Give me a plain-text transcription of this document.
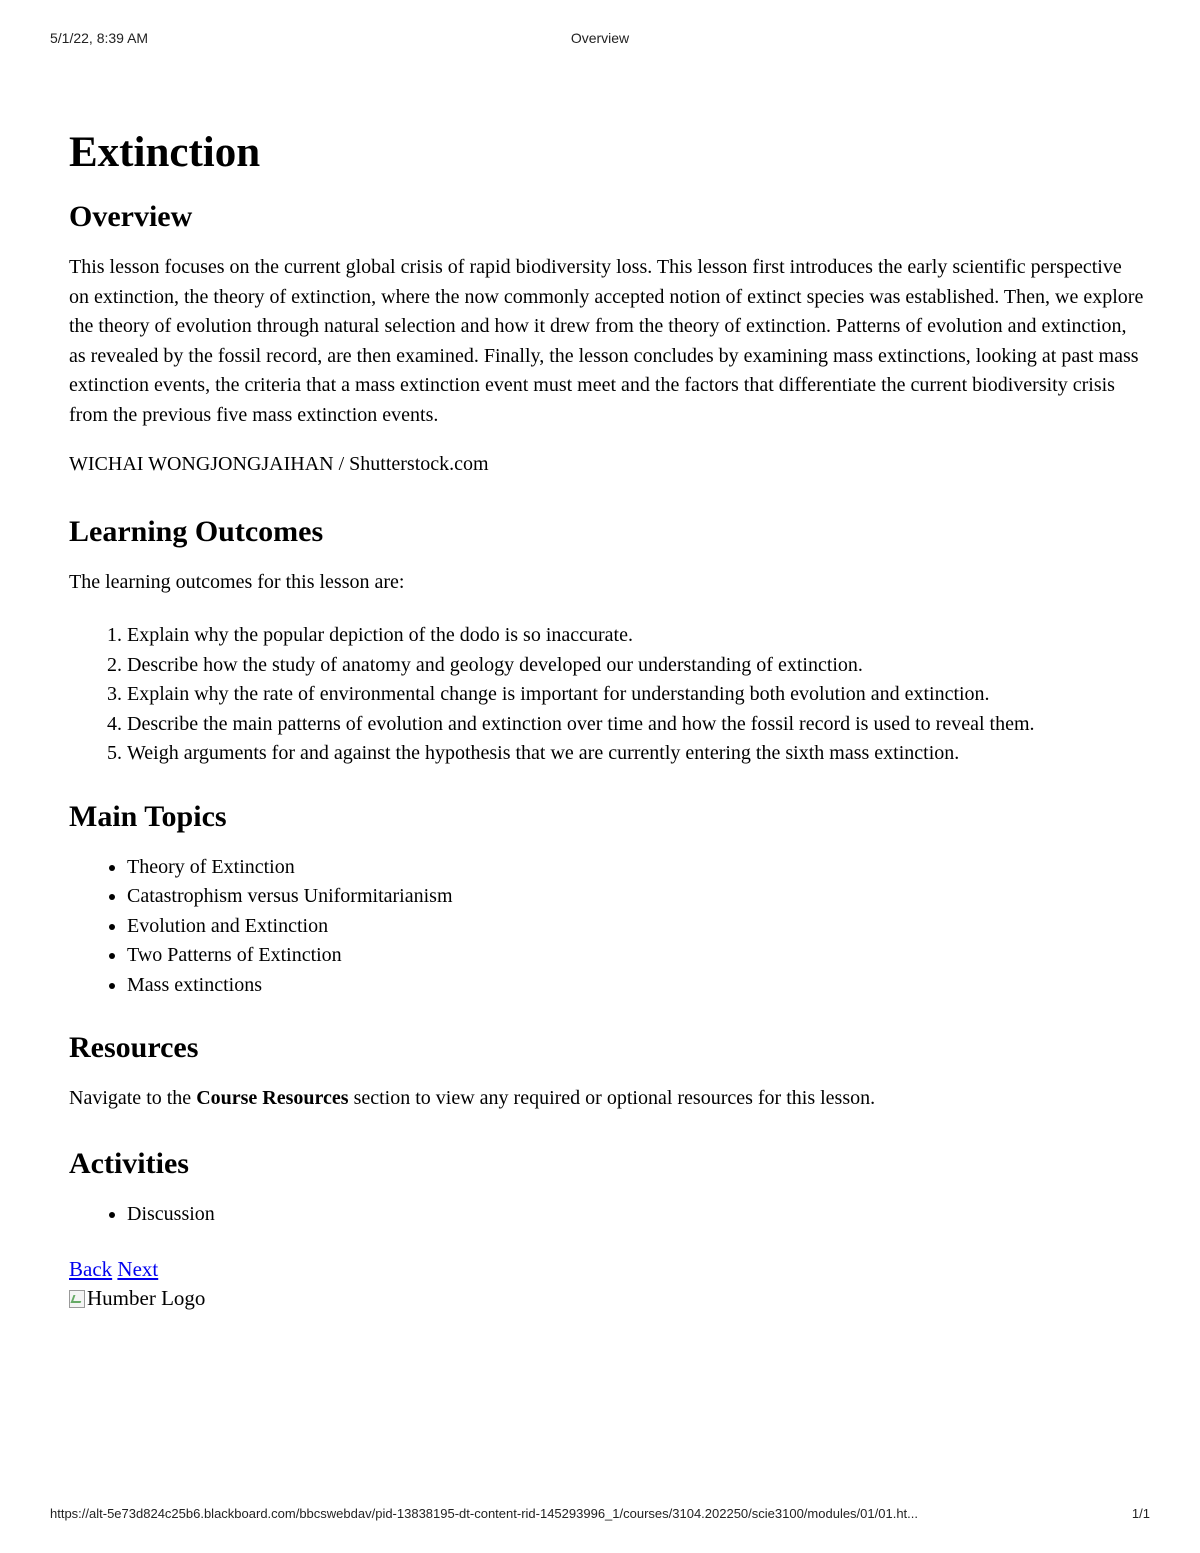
5/1/22, 8:39 AM	Overview
Extinction
Overview

This lesson focuses on the current global crisis of rapid biodiversity loss. This lesson first introduces the early scientific perspective on extinction, the theory of extinction, where the now commonly accepted notion of extinct species was established. Then, we explore the theory of evolution through natural selection and how it drew from the theory of extinction. Patterns of evolution and extinction, as revealed by the fossil record, are then examined. Finally, the lesson concludes by examining mass extinctions, looking at past mass extinction events, the criteria that a mass extinction event must meet and the factors that differentiate the current biodiversity crisis from the previous five mass extinction events.

WICHAI WONGJONGJAIHAN / Shutterstock.com

Learning Outcomes

The learning outcomes for this lesson are:

1. Explain why the popular depiction of the dodo is so inaccurate.
2. Describe how the study of anatomy and geology developed our understanding of extinction.
3. Explain why the rate of environmental change is important for understanding both evolution and extinction.
4. Describe the main patterns of evolution and extinction over time and how the fossil record is used to reveal them.
5. Weigh arguments for and against the hypothesis that we are currently entering the sixth mass extinction.
Main Topics
• Theory of Extinction
• Catastrophism versus Uniformitarianism
• Evolution and Extinction
• Two Patterns of Extinction
• Mass extinctions
Resources

Navigate to the Course Resources section to view any required or optional resources for this lesson.

Activities
• Discussion
Back Next
Humber Logo
https://alt-5e73d824c25b6.blackboard.com/bbcswebdav/pid-13838195-dt-content-rid-145293996_1/courses/3104.202250/scie3100/modules/01/01.ht...	1/1
